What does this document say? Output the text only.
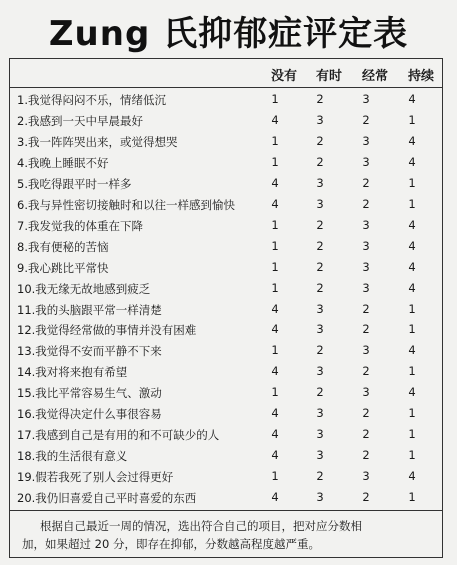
Zung 氏抑郁症评定表
没有	有时	经常	持续
1.我觉得闷闷不乐，情绪低沉	1	2	3	4
2.我感到一天中早晨最好	4	3	2	1
3.我一阵阵哭出来，或觉得想哭	1	2	3	4
4.我晚上睡眠不好	1	2	3	4
5.我吃得跟平时一样多	4	3	2	1
6.我与异性密切接触时和以往一样感到愉快	4	3	2	1
7.我发觉我的体重在下降	1	2	3	4
8.我有便秘的苦恼	1	2	3	4
9.我心跳比平常快	1	2	3	4
10.我无缘无故地感到疲乏	1	2	3	4
11.我的头脑跟平常一样清楚	4	3	2	1
12.我觉得经常做的事情并没有困难	4	3	2	1
13.我觉得不安而平静不下来	1	2	3	4
14.我对将来抱有希望	4	3	2	1
15.我比平常容易生气、激动	1	2	3	4
16.我觉得决定什么事很容易	4	3	2	1
17.我感到自己是有用的和不可缺少的人	4	3	2	1
18.我的生活很有意义	4	3	2	1
19.假若我死了别人会过得更好	1	2	3	4
20.我仍旧喜爱自己平时喜爱的东西	4	3	2	1
根据自己最近一周的情况，选出符合自己的项目，把对应分数相
加，如果超过 20 分，即存在抑郁，分数越高程度越严重。
